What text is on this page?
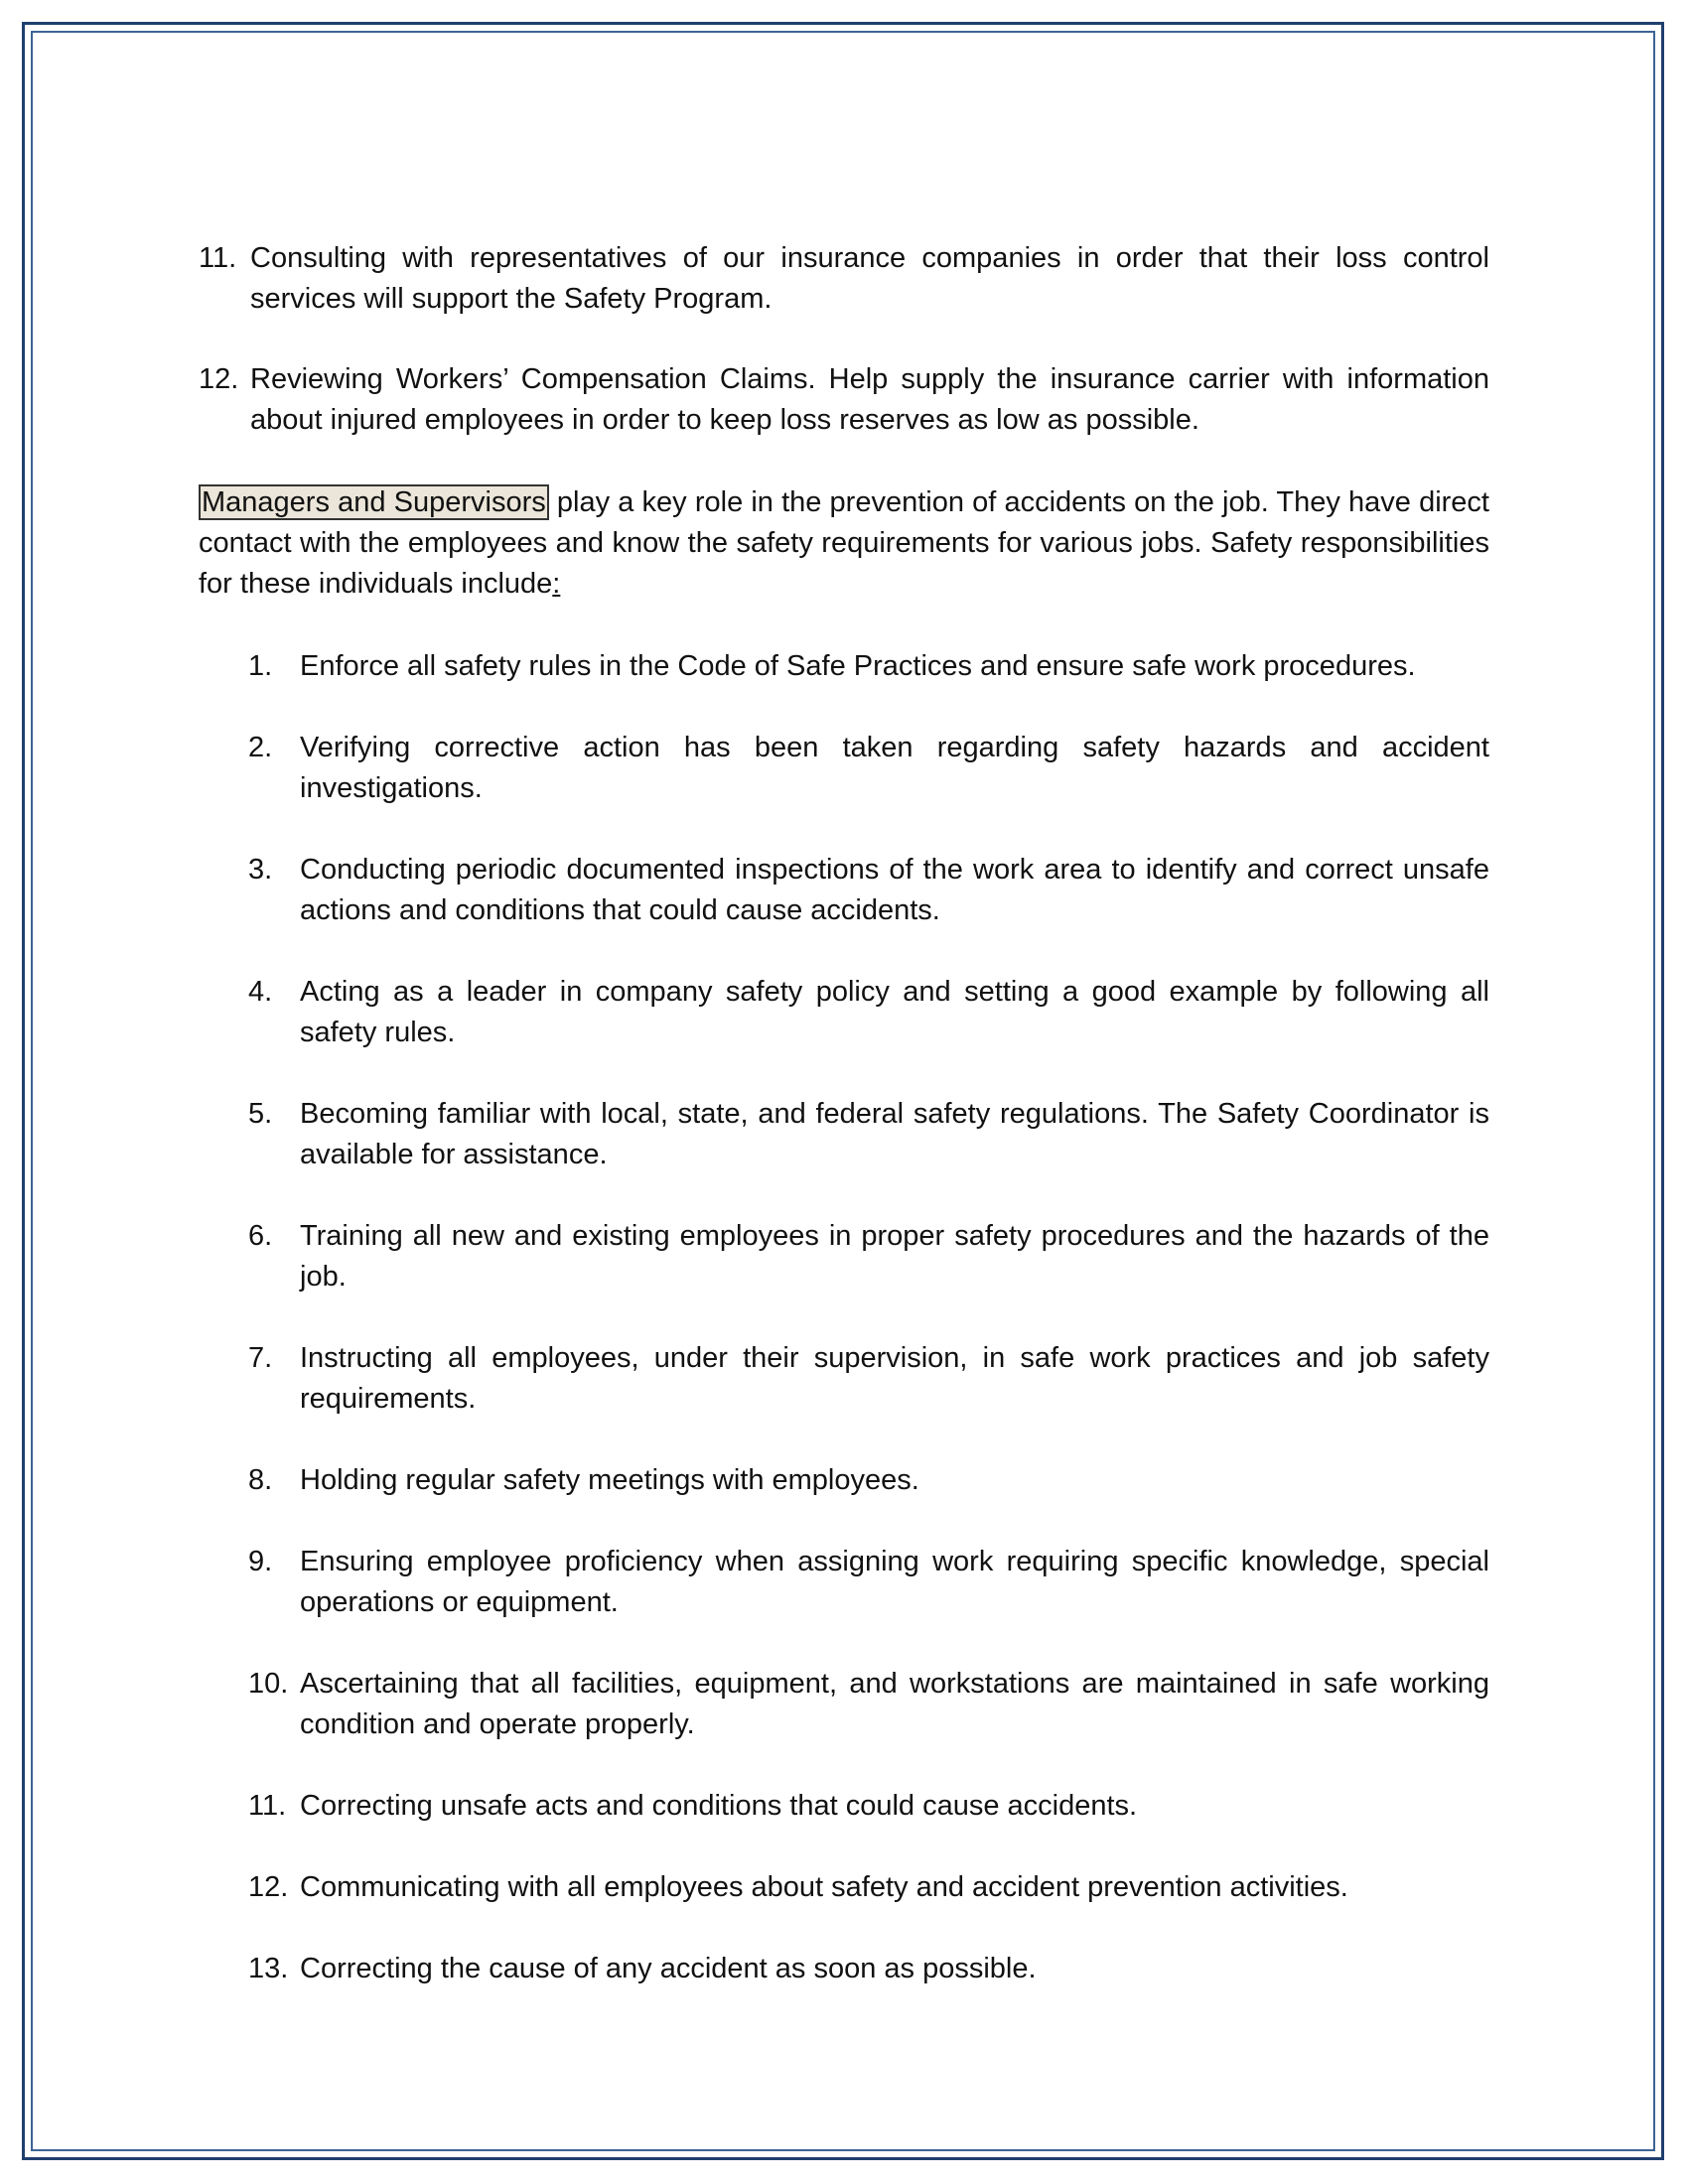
11. Consulting with representatives of our insurance companies in order that their loss control services will support the Safety Program.
12. Reviewing Workers’ Compensation Claims. Help supply the insurance carrier with information about injured employees in order to keep loss reserves as low as possible.
Managers and Supervisors play a key role in the prevention of accidents on the job. They have direct contact with the employees and know the safety requirements for various jobs. Safety responsibilities for these individuals include:
1. Enforce all safety rules in the Code of Safe Practices and ensure safe work procedures.
2. Verifying corrective action has been taken regarding safety hazards and accident investigations.
3. Conducting periodic documented inspections of the work area to identify and correct unsafe actions and conditions that could cause accidents.
4. Acting as a leader in company safety policy and setting a good example by following all safety rules.
5. Becoming familiar with local, state, and federal safety regulations. The Safety Coordinator is available for assistance.
6. Training all new and existing employees in proper safety procedures and the hazards of the job.
7. Instructing all employees, under their supervision, in safe work practices and job safety requirements.
8. Holding regular safety meetings with employees.
9. Ensuring employee proficiency when assigning work requiring specific knowledge, special operations or equipment.
10. Ascertaining that all facilities, equipment, and workstations are maintained in safe working condition and operate properly.
11. Correcting unsafe acts and conditions that could cause accidents.
12. Communicating with all employees about safety and accident prevention activities.
13. Correcting the cause of any accident as soon as possible.
